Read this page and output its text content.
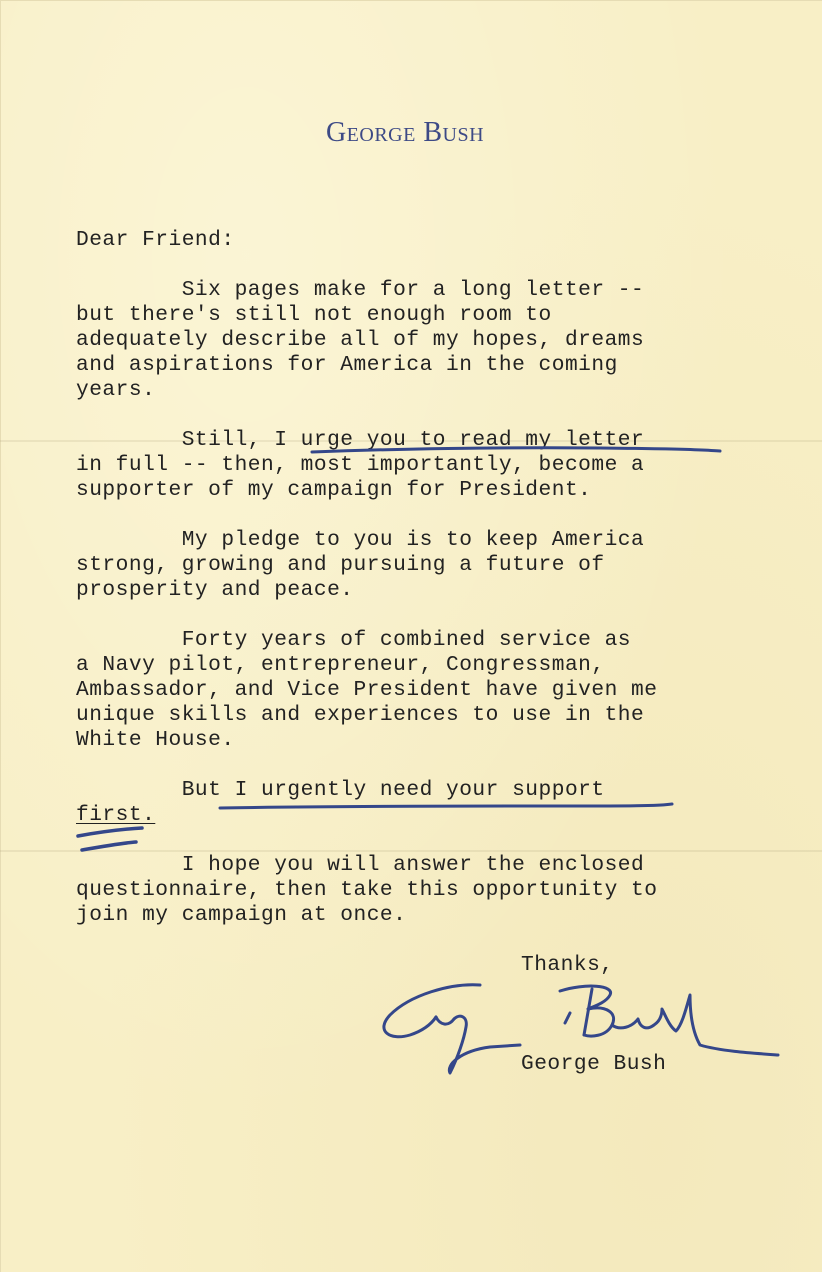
George Bush
Dear Friend:
Six pages make for a long letter --
but there's still not enough room to
adequately describe all of my hopes, dreams
and aspirations for America in the coming
years.
Still, I urge you to read my letter
in full -- then, most importantly, become a
supporter of my campaign for President.
My pledge to you is to keep America
strong, growing and pursuing a future of
prosperity and peace.
Forty years of combined service as
a Navy pilot, entrepreneur, Congressman,
Ambassador, and Vice President have given me
unique skills and experiences to use in the
White House.
But I urgently need your support
first.
I hope you will answer the enclosed
questionnaire, then take this opportunity to
join my campaign at once.
Thanks,
George Bush
